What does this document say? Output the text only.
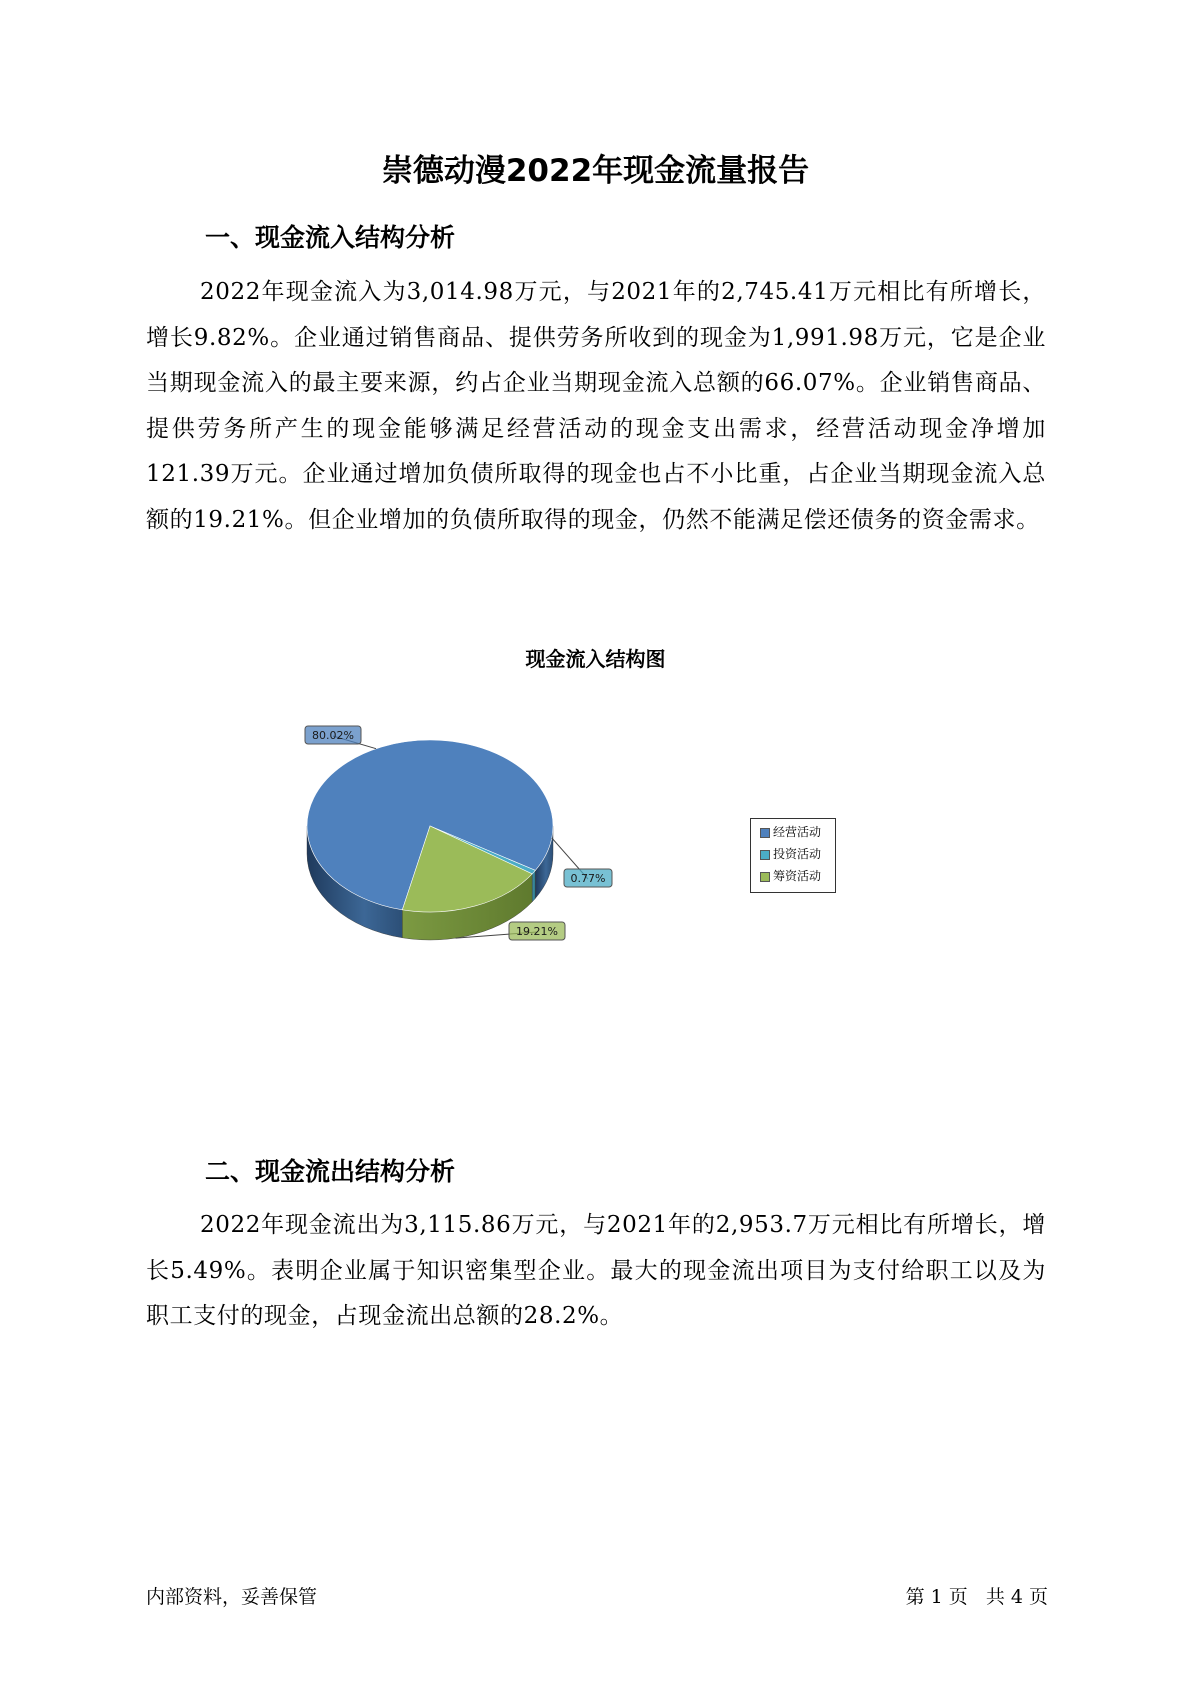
崇德动漫2022年现金流量报告
一、现金流入结构分析

2022年现金流入为3,014.98万元，与2021年的2,745.41万元相比有所增长，增长9.82%。企业通过销售商品、提供劳务所收到的现金为1,991.98万元，它是企业当期现金流入的最主要来源，约占企业当期现金流入总额的66.07%。企业销售商品、提供劳务所产生的现金能够满足经营活动的现金支出需求，经营活动现金净增加121.39万元。企业通过增加负债所取得的现金也占不小比重，占企业当期现金流入总额的19.21%。但企业增加的负债所取得的现金，仍然不能满足偿还债务的资金需求。

现金流入结构图
80.02%
0.77%
19.21%
经营活动
投资活动
筹资活动
二、现金流出结构分析

2022年现金流出为3,115.86万元，与2021年的2,953.7万元相比有所增长，增长5.49%。表明企业属于知识密集型企业。最大的现金流出项目为支付给职工以及为职工支付的现金，占现金流出总额的28.2%。

内部资料，妥善保管	第 1 页 共 4 页
